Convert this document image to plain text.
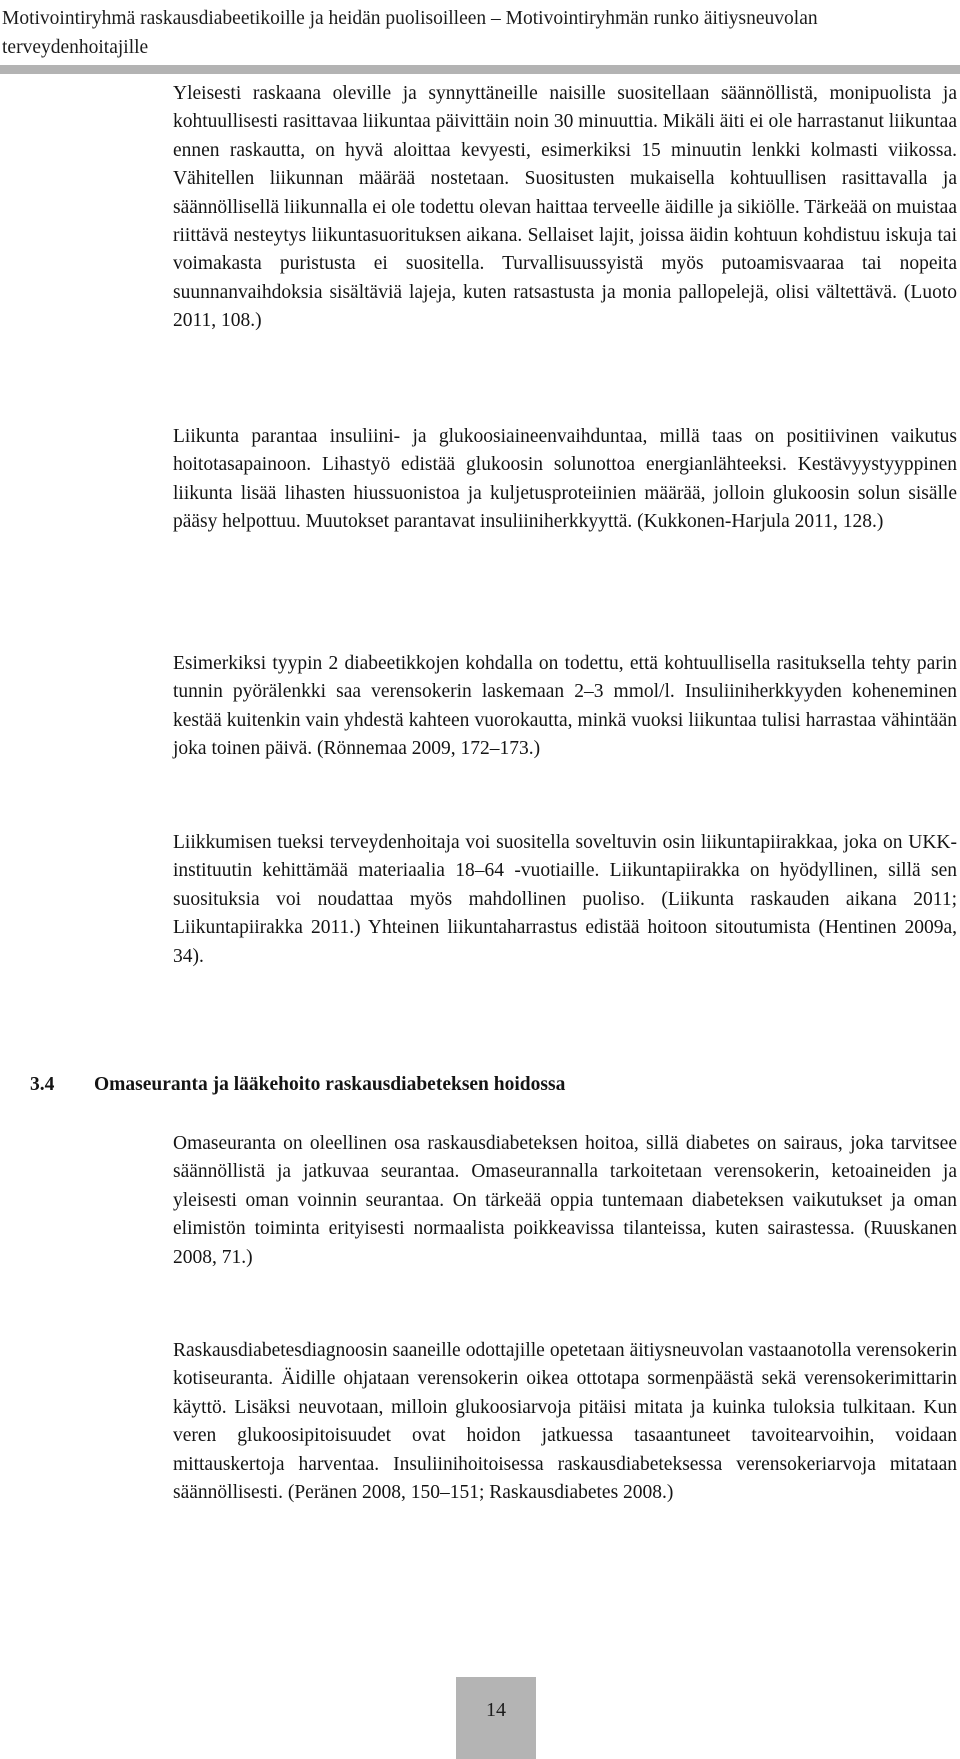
Motivointiryhmä raskausdiabeetikoille ja heidän puolisoilleen – Motivointiryhmän runko äitiysneuvolan terveydenhoitajille

Yleisesti raskaana oleville ja synnyttäneille naisille suositellaan säännöllistä, monipuolista ja kohtuullisesti rasittavaa liikuntaa päivittäin noin 30 minuuttia. Mikäli äiti ei ole harrastanut liikuntaa ennen raskautta, on hyvä aloittaa kevyesti, esimerkiksi 15 minuutin lenkki kolmasti viikossa. Vähitellen liikunnan määrää nostetaan. Suositusten mukaisella kohtuullisen rasittavalla ja säännöllisellä liikunnalla ei ole todettu olevan haittaa terveelle äidille ja sikiölle. Tärkeää on muistaa riittävä nesteytys liikuntasuorituksen aikana. Sellaiset lajit, joissa äidin kohtuun kohdistuu iskuja tai voimakasta puristusta ei suositella. Turvallisuussyistä myös putoamisvaaraa tai nopeita suunnanvaihdoksia sisältäviä lajeja, kuten ratsastusta ja monia pallopelejä, olisi vältettävä. (Luoto 2011, 108.)

Liikunta parantaa insuliini- ja glukoosiaineenvaihduntaa, millä taas on positiivinen vaikutus hoitotasapainoon. Lihastyö edistää glukoosin solunottoa energianlähteeksi. Kestävyystyyppinen liikunta lisää lihasten hiussuonistoa ja kuljetusproteiinien määrää, jolloin glukoosin solun sisälle pääsy helpottuu. Muutokset parantavat insuliiniherkkyyttä. (Kukkonen-Harjula 2011, 128.)

Esimerkiksi tyypin 2 diabeetikkojen kohdalla on todettu, että kohtuullisella rasituksella tehty parin tunnin pyörälenkki saa verensokerin laskemaan 2–3 mmol/l. Insuliiniherkkyyden koheneminen kestää kuitenkin vain yhdestä kahteen vuorokautta, minkä vuoksi liikuntaa tulisi harrastaa vähintään joka toinen päivä. (Rönnemaa 2009, 172–173.)

Liikkumisen tueksi terveydenhoitaja voi suositella soveltuvin osin liikuntapiirakkaa, joka on UKK-instituutin kehittämää materiaalia 18–64 -vuotiaille. Liikuntapiirakka on hyödyllinen, sillä sen suosituksia voi noudattaa myös mahdollinen puoliso. (Liikunta raskauden aikana 2011; Liikuntapiirakka 2011.) Yhteinen liikuntaharrastus edistää hoitoon sitoutumista (Hentinen 2009a, 34).

3.4 Omaseuranta ja lääkehoito raskausdiabeteksen hoidossa

Omaseuranta on oleellinen osa raskausdiabeteksen hoitoa, sillä diabetes on sairaus, joka tarvitsee säännöllistä ja jatkuvaa seurantaa. Omaseurannalla tarkoitetaan verensokerin, ketoaineiden ja yleisesti oman voinnin seurantaa. On tärkeää oppia tuntemaan diabeteksen vaikutukset ja oman elimistön toiminta erityisesti normaalista poikkeavissa tilanteissa, kuten sairastessa. (Ruuskanen 2008, 71.)

Raskausdiabetesdiagnoosin saaneille odottajille opetetaan äitiysneuvolan vastaanotolla verensokerin kotiseuranta. Äidille ohjataan verensokerin oikea ottotapa sormenpäästä sekä verensokerimittarin käyttö. Lisäksi neuvotaan, milloin glukoosiarvoja pitäisi mitata ja kuinka tuloksia tulkitaan. Kun veren glukoosipitoisuudet ovat hoidon jatkuessa tasaantuneet tavoitearvoihin, voidaan mittauskertoja harventaa. Insuliinihoitoisessa raskausdiabeteksessa verensokeriarvoja mitataan säännöllisesti. (Peränen 2008, 150–151; Raskausdiabetes 2008.)

14
